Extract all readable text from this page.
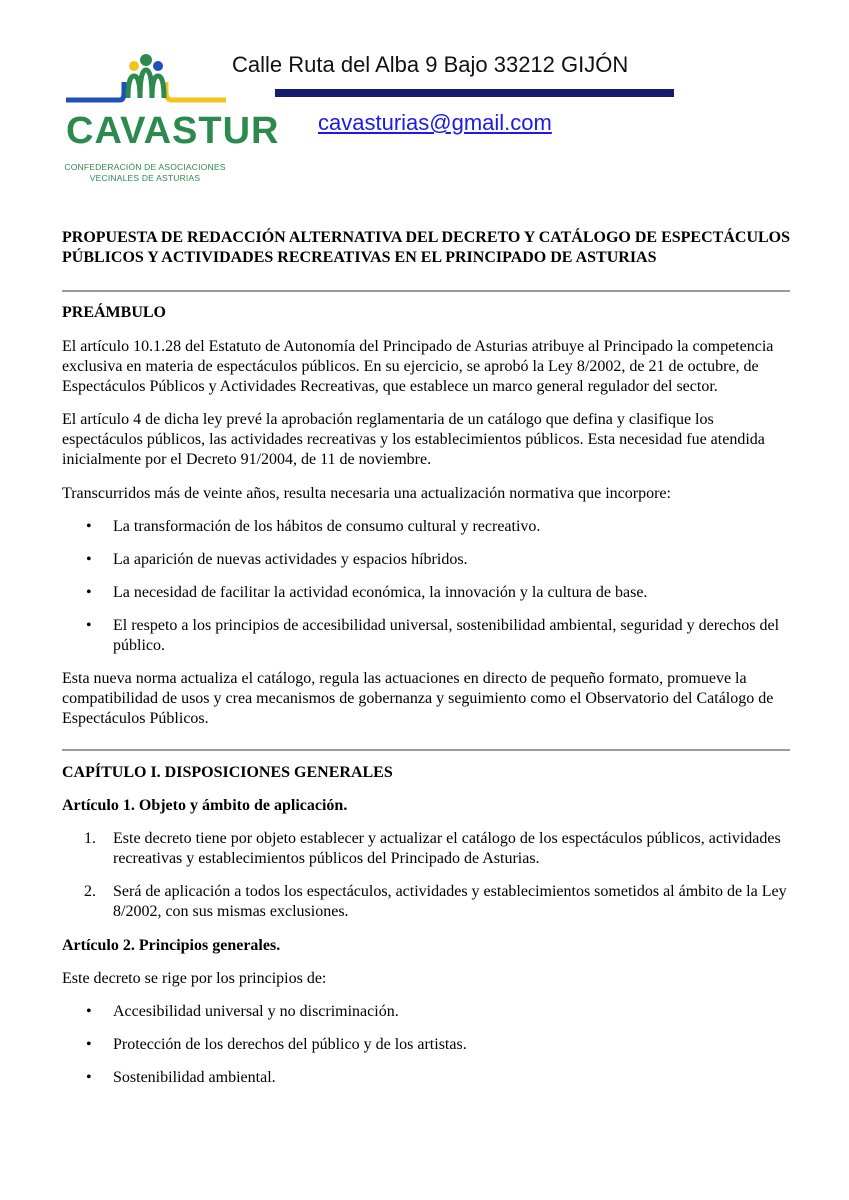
CAVASTUR
CONFEDERACIÓN DE ASOCIACIONES
VECINALES DE ASTURIAS
Calle Ruta del Alba 9 Bajo 33212 GIJÓN
cavasturias@gmail.com
PROPUESTA DE REDACCIÓN ALTERNATIVA DEL DECRETO Y CATÁLOGO DE ESPECTÁCULOS PÚBLICOS Y ACTIVIDADES RECREATIVAS EN EL PRINCIPADO DE ASTURIAS
PREÁMBULO

El artículo 10.1.28 del Estatuto de Autonomía del Principado de Asturias atribuye al Principado la competencia exclusiva en materia de espectáculos públicos. En su ejercicio, se aprobó la Ley 8/2002, de 21 de octubre, de Espectáculos Públicos y Actividades Recreativas, que establece un marco general regulador del sector.

El artículo 4 de dicha ley prevé la aprobación reglamentaria de un catálogo que defina y clasifique los espectáculos públicos, las actividades recreativas y los establecimientos públicos. Esta necesidad fue atendida inicialmente por el Decreto 91/2004, de 11 de noviembre.

Transcurridos más de veinte años, resulta necesaria una actualización normativa que incorpore:

• La transformación de los hábitos de consumo cultural y recreativo.
• La aparición de nuevas actividades y espacios híbridos.
• La necesidad de facilitar la actividad económica, la innovación y la cultura de base.
• El respeto a los principios de accesibilidad universal, sostenibilidad ambiental, seguridad y derechos del público.

Esta nueva norma actualiza el catálogo, regula las actuaciones en directo de pequeño formato, promueve la compatibilidad de usos y crea mecanismos de gobernanza y seguimiento como el Observatorio del Catálogo de Espectáculos Públicos.

CAPÍTULO I. DISPOSICIONES GENERALES
Artículo 1. Objeto y ámbito de aplicación.
1. Este decreto tiene por objeto establecer y actualizar el catálogo de los espectáculos públicos, actividades recreativas y establecimientos públicos del Principado de Asturias.
2. Será de aplicación a todos los espectáculos, actividades y establecimientos sometidos al ámbito de la Ley 8/2002, con sus mismas exclusiones.
Artículo 2. Principios generales.

Este decreto se rige por los principios de:

• Accesibilidad universal y no discriminación.
• Protección de los derechos del público y de los artistas.
• Sostenibilidad ambiental.
